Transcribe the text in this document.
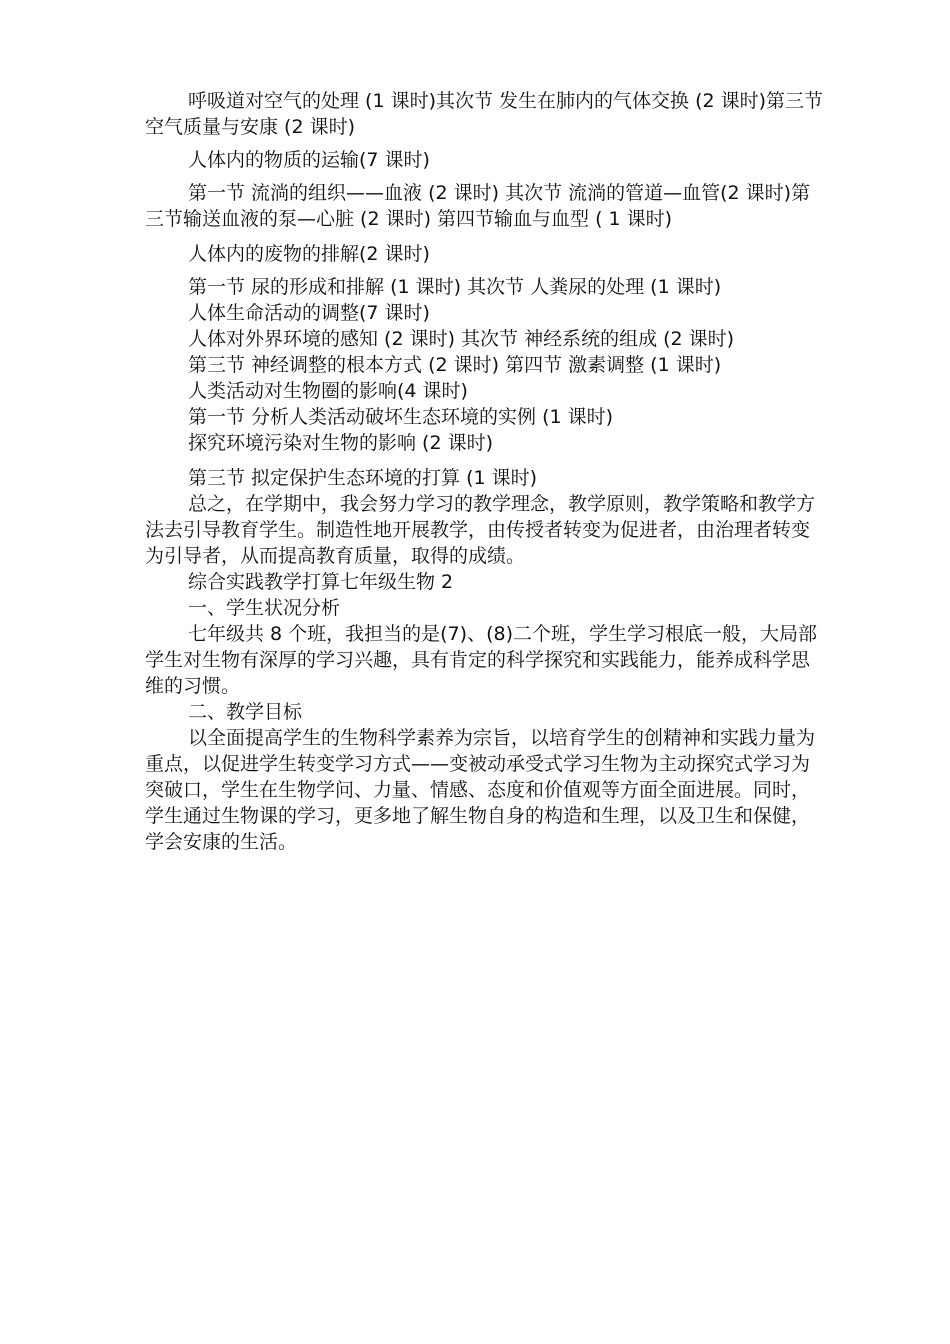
呼吸道对空气的处理 (1 课时)其次节 发生在肺内的气体交换 (2 课时)第三节空气质量与安康 (2 课时)

人体内的物质的运输(7 课时)

第一节 流淌的组织——血液 (2 课时) 其次节 流淌的管道—血管(2 课时)第三节输送血液的泵—心脏 (2 课时) 第四节输血与血型 ( 1 课时)

人体内的废物的排解(2 课时)

第一节 尿的形成和排解 (1 课时) 其次节 人粪尿的处理 (1 课时)

人体生命活动的调整(7 课时)

人体对外界环境的感知 (2 课时) 其次节 神经系统的组成 (2 课时)

第三节 神经调整的根本方式 (2 课时) 第四节 激素调整 (1 课时)

人类活动对生物圈的影响(4 课时)

第一节 分析人类活动破坏生态环境的实例 (1 课时)

探究环境污染对生物的影响 (2 课时)

第三节 拟定保护生态环境的打算 (1 课时)

总之，在学期中，我会努力学习的教学理念，教学原则，教学策略和教学方法去引导教育学生。制造性地开展教学，由传授者转变为促进者，由治理者转变为引导者，从而提高教育质量，取得的成绩。

综合实践教学打算七年级生物 2

一、学生状况分析

七年级共 8 个班，我担当的是(7)、(8)二个班，学生学习根底一般，大局部学生对生物有深厚的学习兴趣，具有肯定的科学探究和实践能力，能养成科学思维的习惯。

二、教学目标

以全面提高学生的生物科学素养为宗旨，以培育学生的创精神和实践力量为重点，以促进学生转变学习方式——变被动承受式学习生物为主动探究式学习为突破口，学生在生物学问、力量、情感、态度和价值观等方面全面进展。同时，学生通过生物课的学习，更多地了解生物自身的构造和生理，以及卫生和保健，学会安康的生活。
